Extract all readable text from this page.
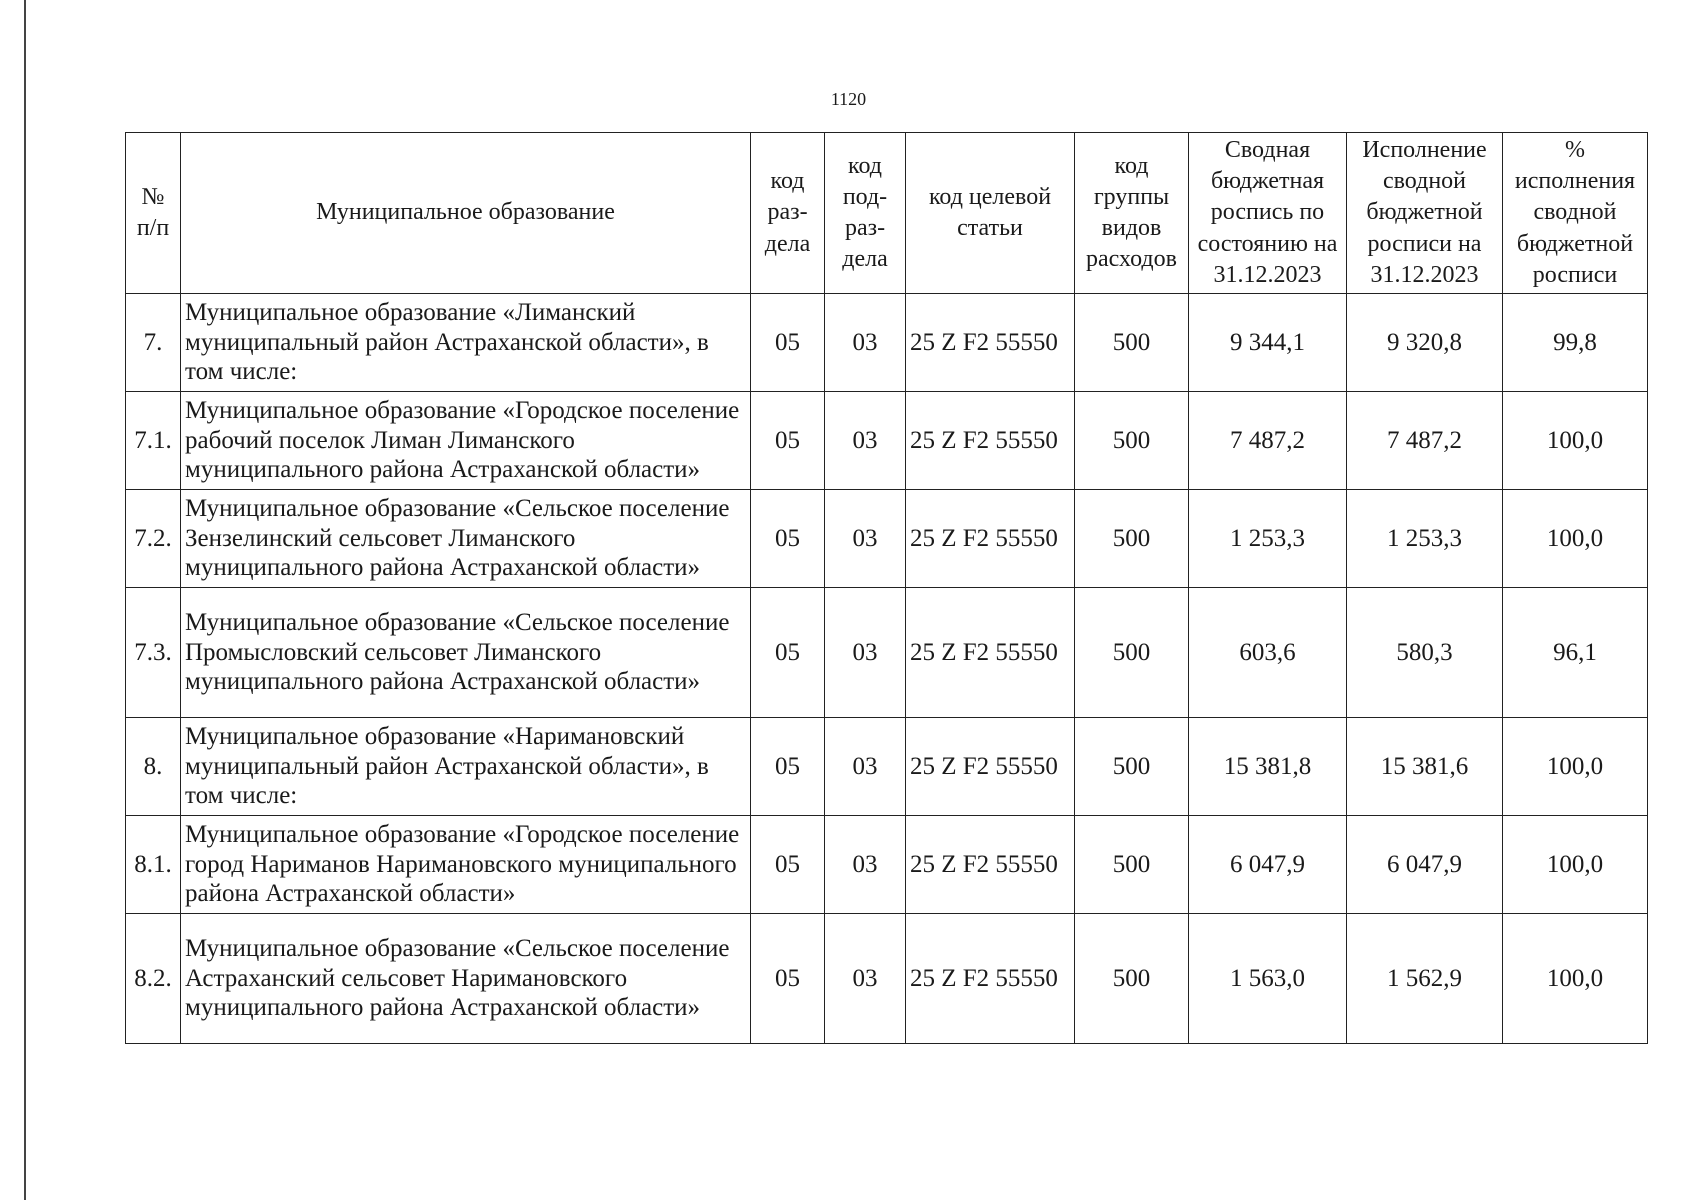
1120
№ п/п	Муниципальное образование	код раз-дела	код под-раз-дела	код целевой статьи	код группы видов расходов	Сводная бюджетная роспись по состоянию на 31.12.2023	Исполнение сводной бюджетной росписи на 31.12.2023	% исполнения сводной бюджетной росписи
7.	Муниципальное образование «Лиманский муниципальный район Астраханской области», в том числе:	05	03	25 Z F2 55550	500	9 344,1	9 320,8	99,8
7.1.	Муниципальное образование «Городское поселение рабочий поселок Лиман Лиманского муниципального района Астраханской области»	05	03	25 Z F2 55550	500	7 487,2	7 487,2	100,0
7.2.	Муниципальное образование «Сельское поселение Зензелинский сельсовет Лиманского муниципального района Астраханской области»	05	03	25 Z F2 55550	500	1 253,3	1 253,3	100,0
7.3.	Муниципальное образование «Сельское поселение Промысловский сельсовет Лиманского муниципального района Астраханской области»	05	03	25 Z F2 55550	500	603,6	580,3	96,1
8.	Муниципальное образование «Наримановский муниципальный район Астраханской области», в том числе:	05	03	25 Z F2 55550	500	15 381,8	15 381,6	100,0
8.1.	Муниципальное образование «Городское поселение город Нариманов Наримановского муниципального района Астраханской области»	05	03	25 Z F2 55550	500	6 047,9	6 047,9	100,0
8.2.	Муниципальное образование «Сельское поселение Астраханский сельсовет Наримановского муниципального района Астраханской области»	05	03	25 Z F2 55550	500	1 563,0	1 562,9	100,0
